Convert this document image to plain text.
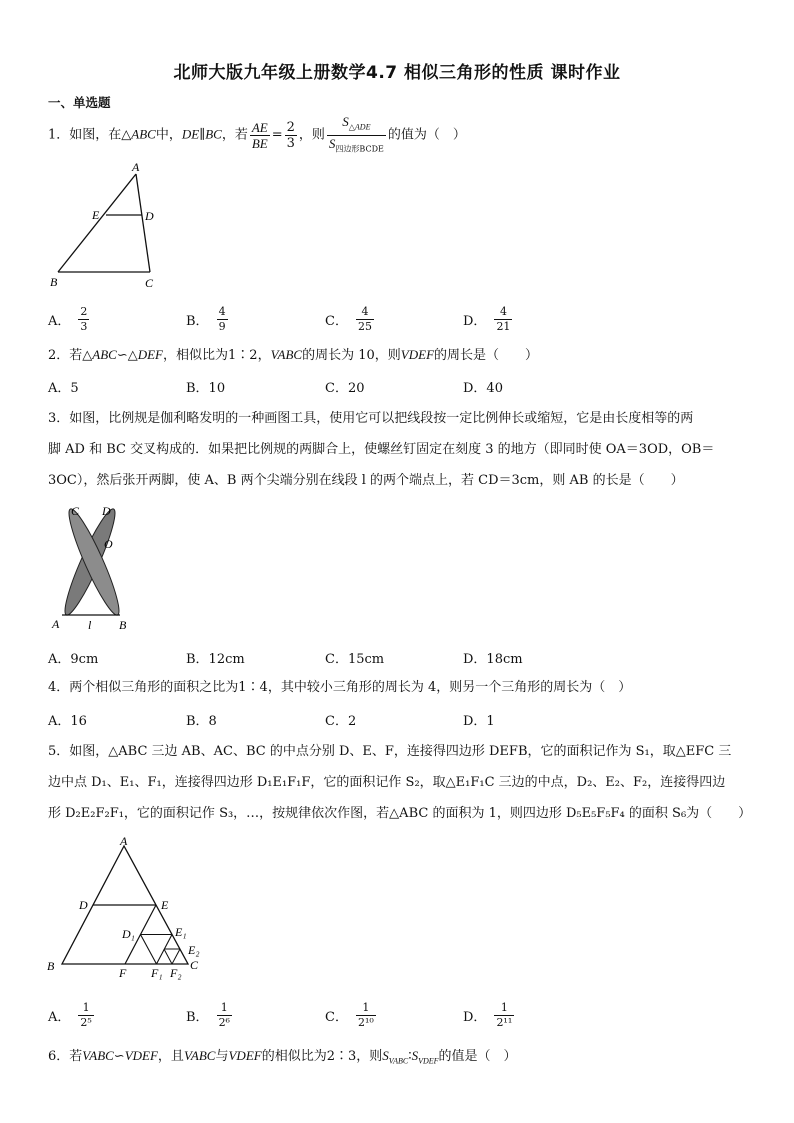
北师大版九年级上册数学4.7 相似三角形的性质 课时作业
一、单选题
1．如图，在△ABC中，DE∥BC，若 $\frac{AE}{BE} = \frac{2}{3}$ ，则 $\frac{S_{\triangle ADE}}{S_{四边形BCDE}}$ 的值为（　）
A
E	D
B	C
A． $\frac{2}{3}$	B． $\frac{4}{9}$	C． $\frac{4}{25}$	D． $\frac{4}{21}$
2．若△ABC∽△DEF，相似比为1∶2，VABC的周长为 10，则VDEF的周长是（　　）
A．5	B．10	C．20	D．40
3．如图，比例规是伽利略发明的一种画图工具，使用它可以把线段按一定比例伸长或缩短，它是由长度相等的两
脚 AD 和 BC 交叉构成的．如果把比例规的两脚合上，使螺丝钉固定在刻度 3 的地方（即同时使 OA＝3OD，OB＝
3OC），然后张开两脚，使 A、B 两个尖端分别在线段 l 的两个端点上，若 CD＝3cm，则 AB 的长是（　　）
C D
O
A l B
A．9cm	B．12cm	C．15cm	D．18cm
4．两个相似三角形的面积之比为1∶4，其中较小三角形的周长为 4，则另一个三角形的周长为（　）
A．16	B．8	C．2	D．1
5．如图，△ABC 三边 AB、AC、BC 的中点分别 D、E、F，连接得四边形 DEFB，它的面积记作为 S₁，取△EFC 三
边中点 D₁、E₁、F₁，连接得四边形 D₁E₁F₁F，它的面积记作 S₂，取△E₁F₁C 三边的中点，D₂、E₂、F₂，连接得四边
形 D₂E₂F₂F₁，它的面积记作 S₃，…，按规律依次作图，若△ABC 的面积为 1，则四边形 D₅E₅F₅F₄ 的面积 S₆为（　　）
A
D	E
D₁	E₁
E₂
B	F F₁ F₂
C
A． $\frac{1}{\text{2⁵}}$	B． $\frac{1}{\text{2⁶}}$	C． $\frac{1}{\text{2¹⁰}}$	D． $\frac{1}{\text{2¹¹}}$
6．若VABC∽VDEF，且VABC与VDEF的相似比为2∶3，则$S_{VABC}∶S_{VDEF}$的值是（　）
